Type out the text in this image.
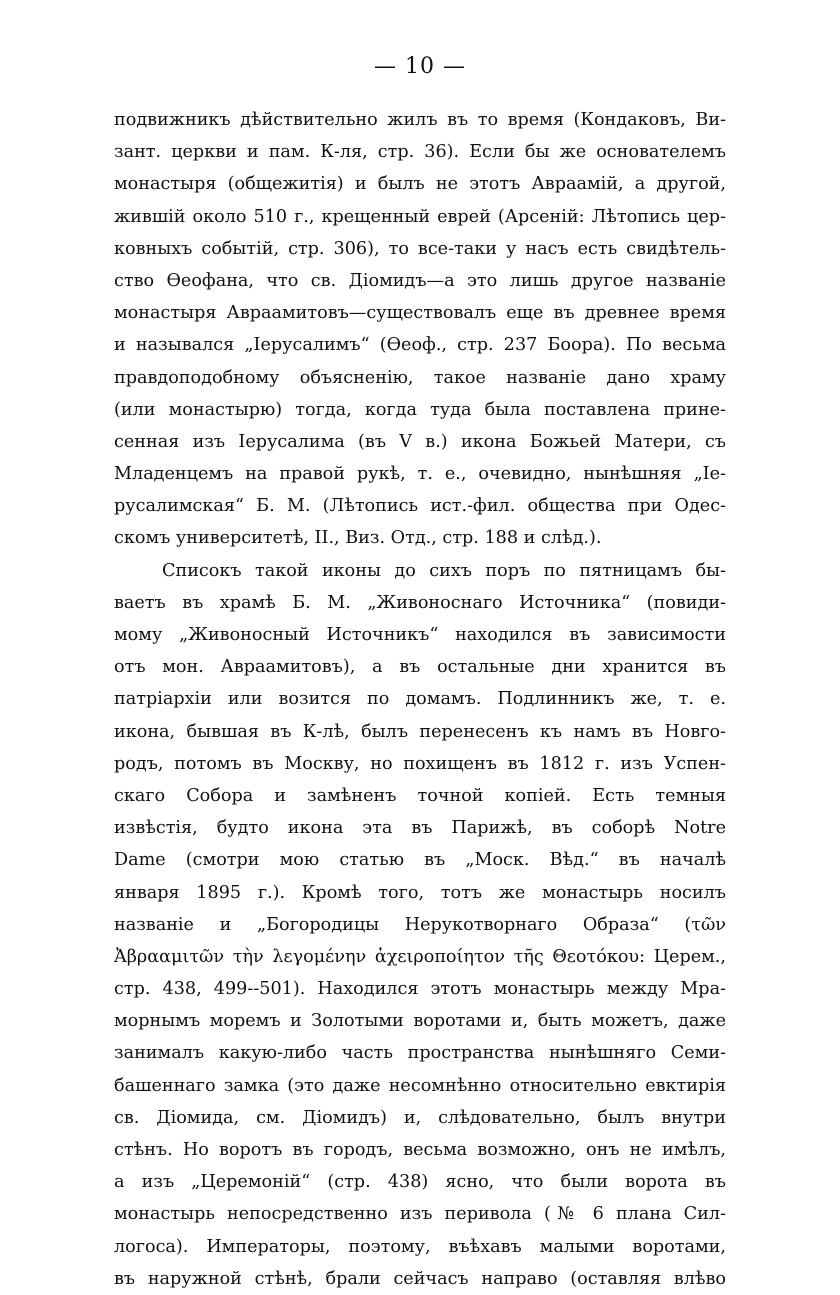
— 10 —
подвижникъ дѣйствительно жилъ въ то время (Кондаковъ, Ви-
зант. церкви и пам. К-ля, стр. 36). Если бы же основателемъ
монастыря (общежитія) и былъ не этотъ Авраамій, а другой,
жившій около 510 г., крещенный еврей (Арсеній: Лѣтопись цер-
ковныхъ событій, стр. 306), то все-таки у насъ есть свидѣтель-
ство Ѳеофана, что св. Діомидъ—а это лишь другое названіе
монастыря Авраамитовъ—существовалъ еще въ древнее время
и назывался „Іерусалимъ“ (Ѳеоф., стр. 237 Боора). По весьма
правдоподобному объясненію, такое названіе дано храму
(или монастырю) тогда, когда туда была поставлена прине-
сенная изъ Іерусалима (въ V в.) икона Божьей Матери, съ
Младенцемъ на правой рукѣ, т. е., очевидно, нынѣшняя „Іе-
русалимская“ Б. М. (Лѣтопись ист.-фил. общества при Одес-
скомъ университетѣ, II., Виз. Отд., стр. 188 и слѣд.).
Списокъ такой иконы до сихъ поръ по пятницамъ бы-
ваетъ въ храмѣ Б. М. „Живоноснаго Источника“ (повиди-
мому „Живоносный Источникъ“ находился въ зависимости
отъ мон. Авраамитовъ), а въ остальные дни хранится въ
патріархіи или возится по домамъ. Подлинникъ же, т. е.
икона, бывшая въ К-лѣ, былъ перенесенъ къ намъ въ Новго-
родъ, потомъ въ Москву, но похищенъ въ 1812 г. изъ Успен-
скаго Собора и замѣненъ точной копіей. Есть темныя
извѣстія, будто икона эта въ Парижѣ, въ соборѣ Notre
Dame (смотри мою статью въ „Моск. Вѣд.“ въ началѣ
января 1895 г.). Кромѣ того, тотъ же монастырь носилъ
названіе и „Богородицы Нерукотворнаго Образа“ (τῶν
Ἀβρααμιτῶν τὴν λεγομένην ἀχειροποίητον τῆς Θεοτόκου: Церем.,
стр. 438, 499--501). Находился этотъ монастырь между Мра-
морнымъ моремъ и Золотыми воротами и, быть можетъ, даже
занималъ какую-либо часть пространства нынѣшняго Семи-
башеннаго замка (это даже несомнѣнно относительно евктирія
св. Діомида, см. Діомидъ) и, слѣдовательно, былъ внутри
стѣнъ. Но воротъ въ городъ, весьма возможно, онъ не имѣлъ,
а изъ „Церемоній“ (стр. 438) ясно, что были ворота въ
монастырь непосредственно изъ перивола (№ 6 плана Сил-
логоса). Императоры, поэтому, въѣхавъ малыми воротами,
въ наружной стѣнѣ, брали сейчасъ направо (оставляя влѣво
